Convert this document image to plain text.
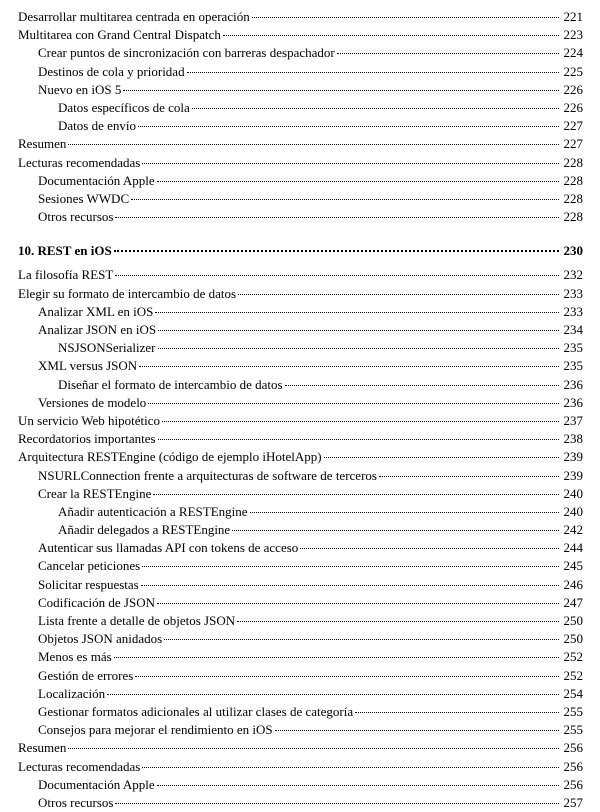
Desarrollar multitarea centrada en operación	221
Multitarea con Grand Central Dispatch	223
Crear puntos de sincronización con barreras despachador	224
Destinos de cola y prioridad	225
Nuevo en iOS 5	226
Datos específicos de cola	226
Datos de envío	227
Resumen	227
Lecturas recomendadas	228
Documentación Apple	228
Sesiones WWDC	228
Otros recursos	228
10. REST en iOS	230
La filosofía REST	232
Elegir su formato de intercambio de datos	233
Analizar XML en iOS	233
Analizar JSON en iOS	234
NSJSONSerializer	235
XML versus JSON	235
Diseñar el formato de intercambio de datos	236
Versiones de modelo	236
Un servicio Web hipotético	237
Recordatorios importantes	238
Arquitectura RESTEngine (código de ejemplo iHotelApp)	239
NSURLConnection frente a arquitecturas de software de terceros	239
Crear la RESTEngine	240
Añadir autenticación a RESTEngine	240
Añadir delegados a RESTEngine	242
Autenticar sus llamadas API con tokens de acceso	244
Cancelar peticiones	245
Solicitar respuestas	246
Codificación de JSON	247
Lista frente a detalle de objetos JSON	250
Objetos JSON anidados	250
Menos es más	252
Gestión de errores	252
Localización	254
Gestionar formatos adicionales al utilizar clases de categoría	255
Consejos para mejorar el rendimiento en iOS	255
Resumen	256
Lecturas recomendadas	256
Documentación Apple	256
Otros recursos	257
